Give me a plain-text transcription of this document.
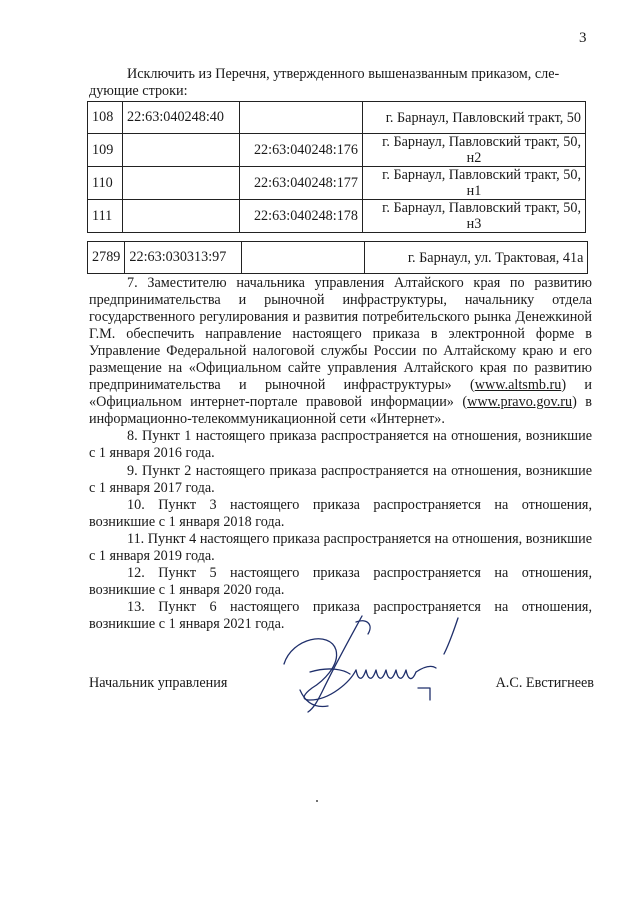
3
Исключить из Перечня, утвержденного вышеназванным приказом, сле-
дующие строки:
108	22:63:040248:40		г. Барнаул, Павловский тракт, 50

109		22:63:040248:176	г. Барнаул, Павловский тракт, 50,
н2

110		22:63:040248:177	г. Барнаул, Павловский тракт, 50,
н1

111		22:63:040248:178	г. Барнаул, Павловский тракт, 50,
н3
2789	22:63:030313:97		г. Барнаул, ул. Трактовая, 41а

7. Заместителю начальника управления Алтайского края по развитию предпринимательства и рыночной инфраструктуры, начальнику отдела государственного регулирования и развития потребительского рынка Денежкиной Г.М. обеспечить направление настоящего приказа в электронной форме в Управление Федеральной налоговой службы России по Алтайскому краю и его размещение на «Официальном сайте управления Алтайского края по развитию предпринимательства и рыночной инфраструктуры» (www.altsmb.ru) и «Официальном интернет-портале правовой информации» (www.pravo.gov.ru) в информационно-телекоммуникационной сети «Интернет».

8. Пункт 1 настоящего приказа распространяется на отношения, возникшие с 1 января 2016 года.

9. Пункт 2 настоящего приказа распространяется на отношения, возникшие с 1 января 2017 года.

10. Пункт 3 настоящего приказа распространяется на отношения, возникшие с 1 января 2018 года.

11. Пункт 4 настоящего приказа распространяется на отношения, возникшие с 1 января 2019 года.

12. Пункт 5 настоящего приказа распространяется на отношения, возникшие с 1 января 2020 года.

13. Пункт 6 настоящего приказа распространяется на отношения, возникшие с 1 января 2021 года.

Начальник управления	А.С. Евстигнеев
